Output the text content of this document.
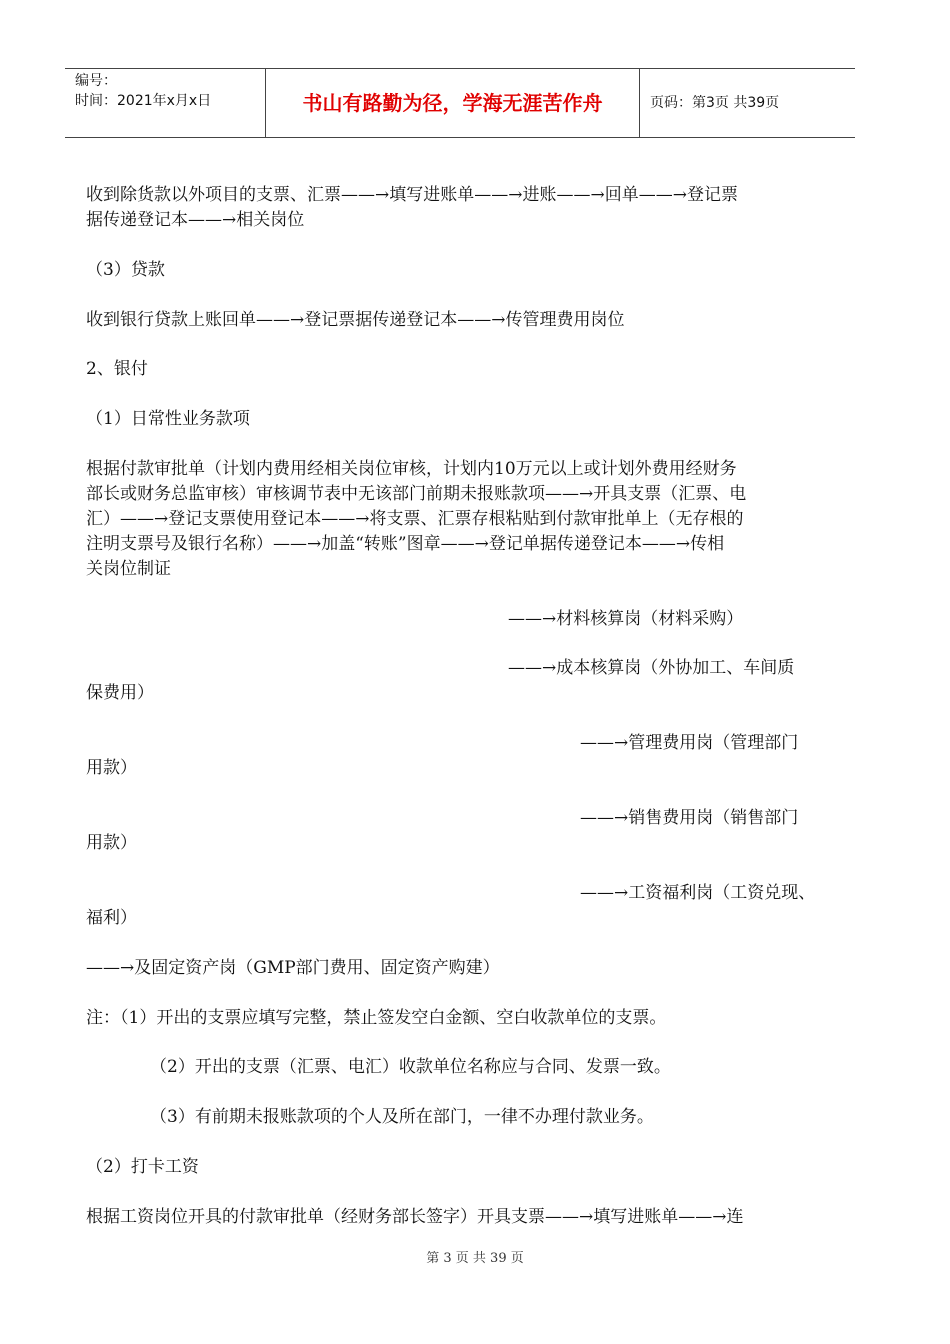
编号：
时间：2021年x月x日	书山有路勤为径，学海无涯苦作舟	页码：第3页 共39页

收到除货款以外项目的支票、汇票——→填写进账单——→进账——→回单——→登记票

据传递登记本——→相关岗位

（3）贷款

收到银行贷款上账回单——→登记票据传递登记本——→传管理费用岗位

2、银付

（1）日常性业务款项

根据付款审批单（计划内费用经相关岗位审核，计划内10万元以上或计划外费用经财务

部长或财务总监审核）审核调节表中无该部门前期未报账款项——→开具支票（汇票、电

汇）——→登记支票使用登记本——→将支票、汇票存根粘贴到付款审批单上（无存根的

注明支票号及银行名称）——→加盖“转账”图章——→登记单据传递登记本——→传相

关岗位制证

——→材料核算岗（材料采购）

——→成本核算岗（外协加工、车间质

保费用）

——→管理费用岗（管理部门

用款）

——→销售费用岗（销售部门

用款）

——→工资福利岗（工资兑现、

福利）

——→及固定资产岗（GMP部门费用、固定资产购建）

注：（1）开出的支票应填写完整，禁止签发空白金额、空白收款单位的支票。

（2）开出的支票（汇票、电汇）收款单位名称应与合同、发票一致。

（3）有前期未报账款项的个人及所在部门，一律不办理付款业务。

（2）打卡工资

根据工资岗位开具的付款审批单（经财务部长签字）开具支票——→填写进账单——→连

第 3 页 共 39 页
